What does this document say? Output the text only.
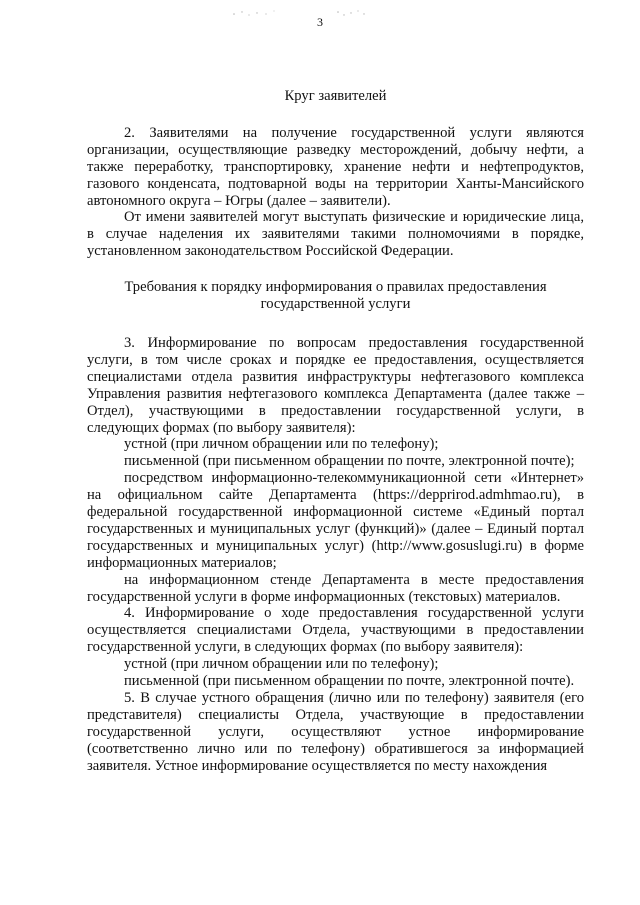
3
Круг заявителей

2. Заявителями на получение государственной услуги являются организации, осуществляющие разведку месторождений, добычу нефти, а также переработку, транспортировку, хранение нефти и нефтепродуктов, газового конденсата, подтоварной воды на территории Ханты-Мансийского автономного округа – Югры (далее – заявители).

От имени заявителей могут выступать физические и юридические лица, в случае наделения их заявителями такими полномочиями в порядке, установленном законодательством Российской Федерации.

Требования к порядку информирования о правилах предоставления государственной услуги

3. Информирование по вопросам предоставления государственной услуги, в том числе сроках и порядке ее предоставления, осуществляется специалистами отдела развития инфраструктуры нефтегазового комплекса Управления развития нефтегазового комплекса Департамента (далее также – Отдел), участвующими в предоставлении государственной услуги, в следующих формах (по выбору заявителя):

устной (при личном обращении или по телефону);

письменной (при письменном обращении по почте, электронной почте);

посредством информационно-телекоммуникационной сети «Интернет» на официальном сайте Департамента (https://depprirod.admhmao.ru), в федеральной государственной информационной системе «Единый портал государственных и муниципальных услуг (функций)» (далее – Единый портал государственных и муниципальных услуг) (http://www.gosuslugi.ru) в форме информационных материалов;

на информационном стенде Департамента в месте предоставления государственной услуги в форме информационных (текстовых) материалов.

4. Информирование о ходе предоставления государственной услуги осуществляется специалистами Отдела, участвующими в предоставлении государственной услуги, в следующих формах (по выбору заявителя):

устной (при личном обращении или по телефону);

письменной (при письменном обращении по почте, электронной почте).

5. В случае устного обращения (лично или по телефону) заявителя (его представителя) специалисты Отдела, участвующие в предоставлении государственной услуги, осуществляют устное информирование (соответственно лично или по телефону) обратившегося за информацией заявителя. Устное информирование осуществляется по месту нахождения
